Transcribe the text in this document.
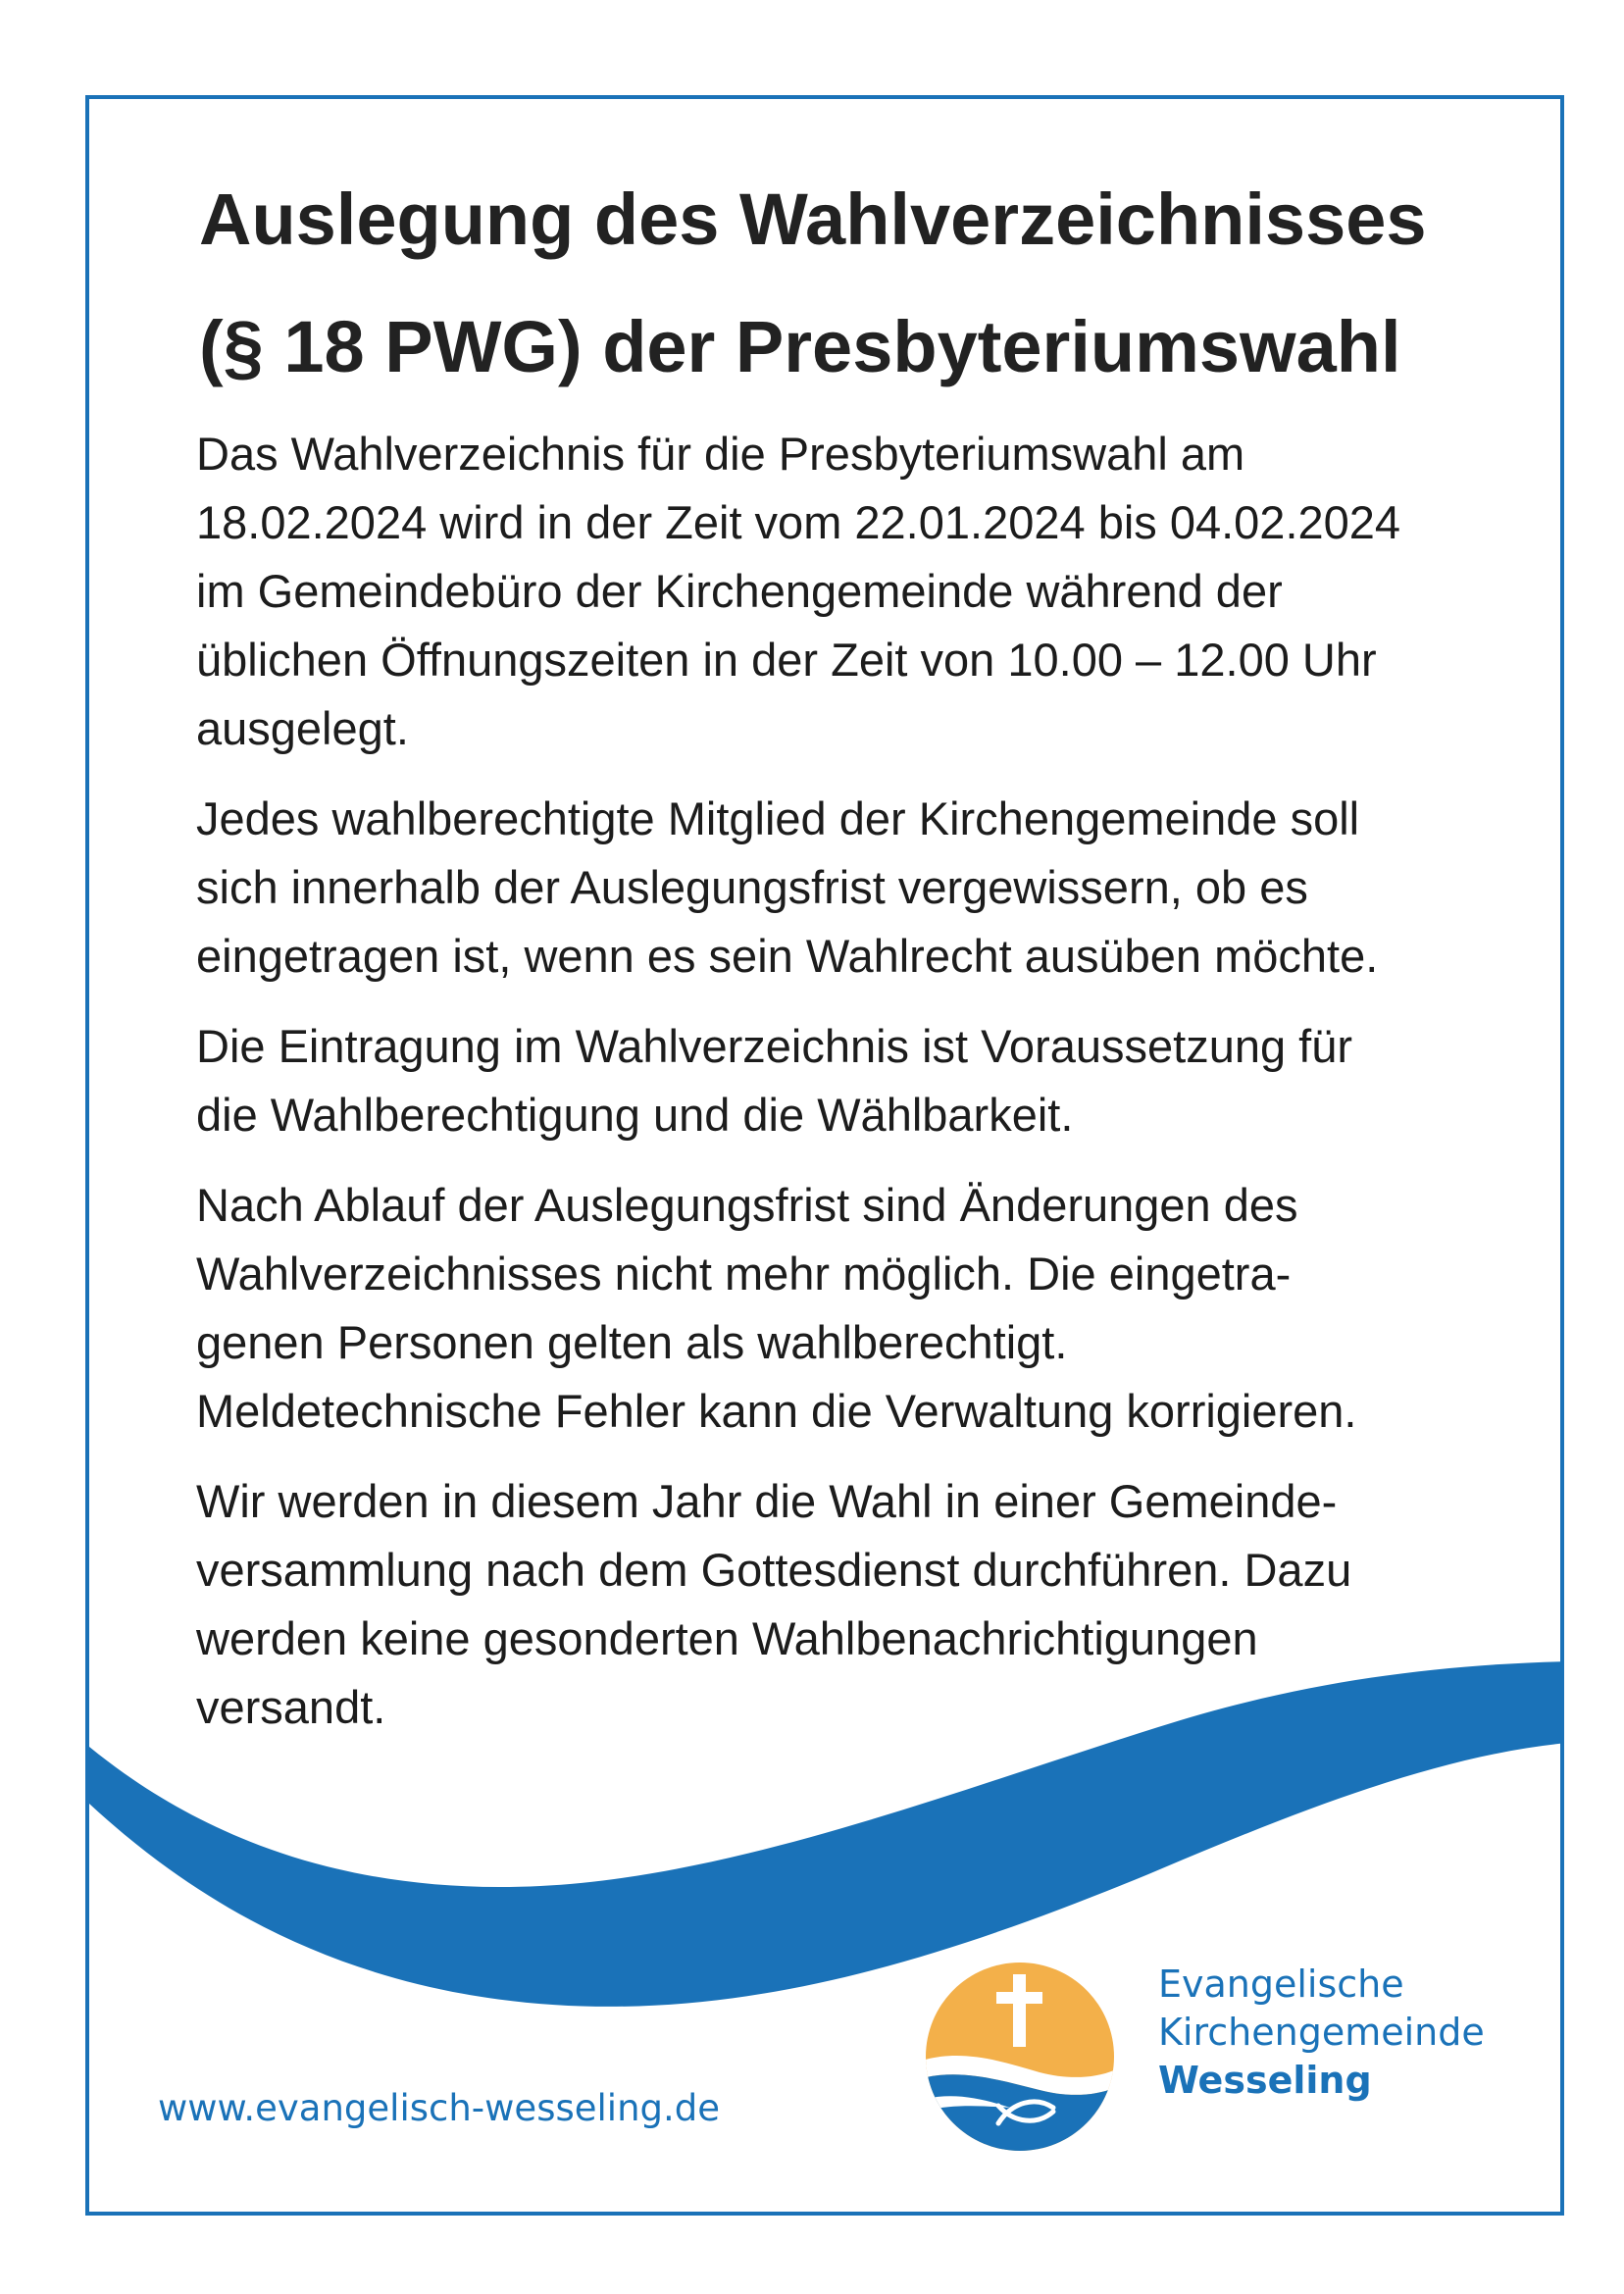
Auslegung des Wahlverzeichnisses
(§ 18 PWG) der Presbyteriumswahl

Das Wahlverzeichnis für die Presbyteriumswahl am
18.02.2024 wird in der Zeit vom 22.01.2024 bis 04.02.2024
im Gemeindebüro der Kirchengemeinde während der
üblichen Öffnungszeiten in der Zeit von 10.00 – 12.00 Uhr
ausgelegt.

Jedes wahlberechtigte Mitglied der Kirchengemeinde soll
sich innerhalb der Auslegungsfrist vergewissern, ob es
eingetragen ist, wenn es sein Wahlrecht ausüben möchte.

Die Eintragung im Wahlverzeichnis ist Voraussetzung für
die Wahlberechtigung und die Wählbarkeit.

Nach Ablauf der Auslegungsfrist sind Änderungen des
Wahlverzeichnisses nicht mehr möglich. Die eingetra-
genen Personen gelten als wahlberechtigt.
Meldetechnische Fehler kann die Verwaltung korrigieren.

Wir werden in diesem Jahr die Wahl in einer Gemeinde-
versammlung nach dem Gottesdienst durchführen. Dazu
werden keine gesonderten Wahlbenachrichtigungen
versandt.

www.evangelisch-wesseling.de
Evangelische
Kirchengemeinde
Wesseling
